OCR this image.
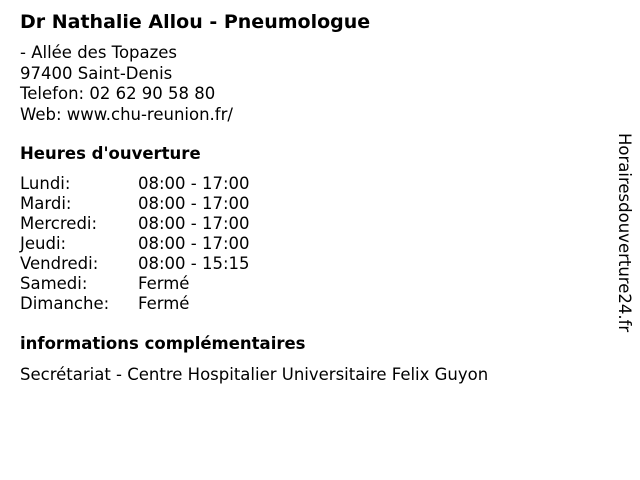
Dr Nathalie Allou - Pneumologue
- Allée des Topazes
97400 Saint-Denis
Telefon: 02 62 90 58 80
Web: www.chu-reunion.fr/
Heures d'ouverture
Lundi:	08:00 - 17:00
Mardi:	08:00 - 17:00
Mercredi:	08:00 - 17:00
Jeudi:	08:00 - 17:00
Vendredi:	08:00 - 15:15
Samedi:	Fermé
Dimanche:	Fermé
informations complémentaires
Secrétariat - Centre Hospitalier Universitaire Felix Guyon
Horairesdouverture24.fr
